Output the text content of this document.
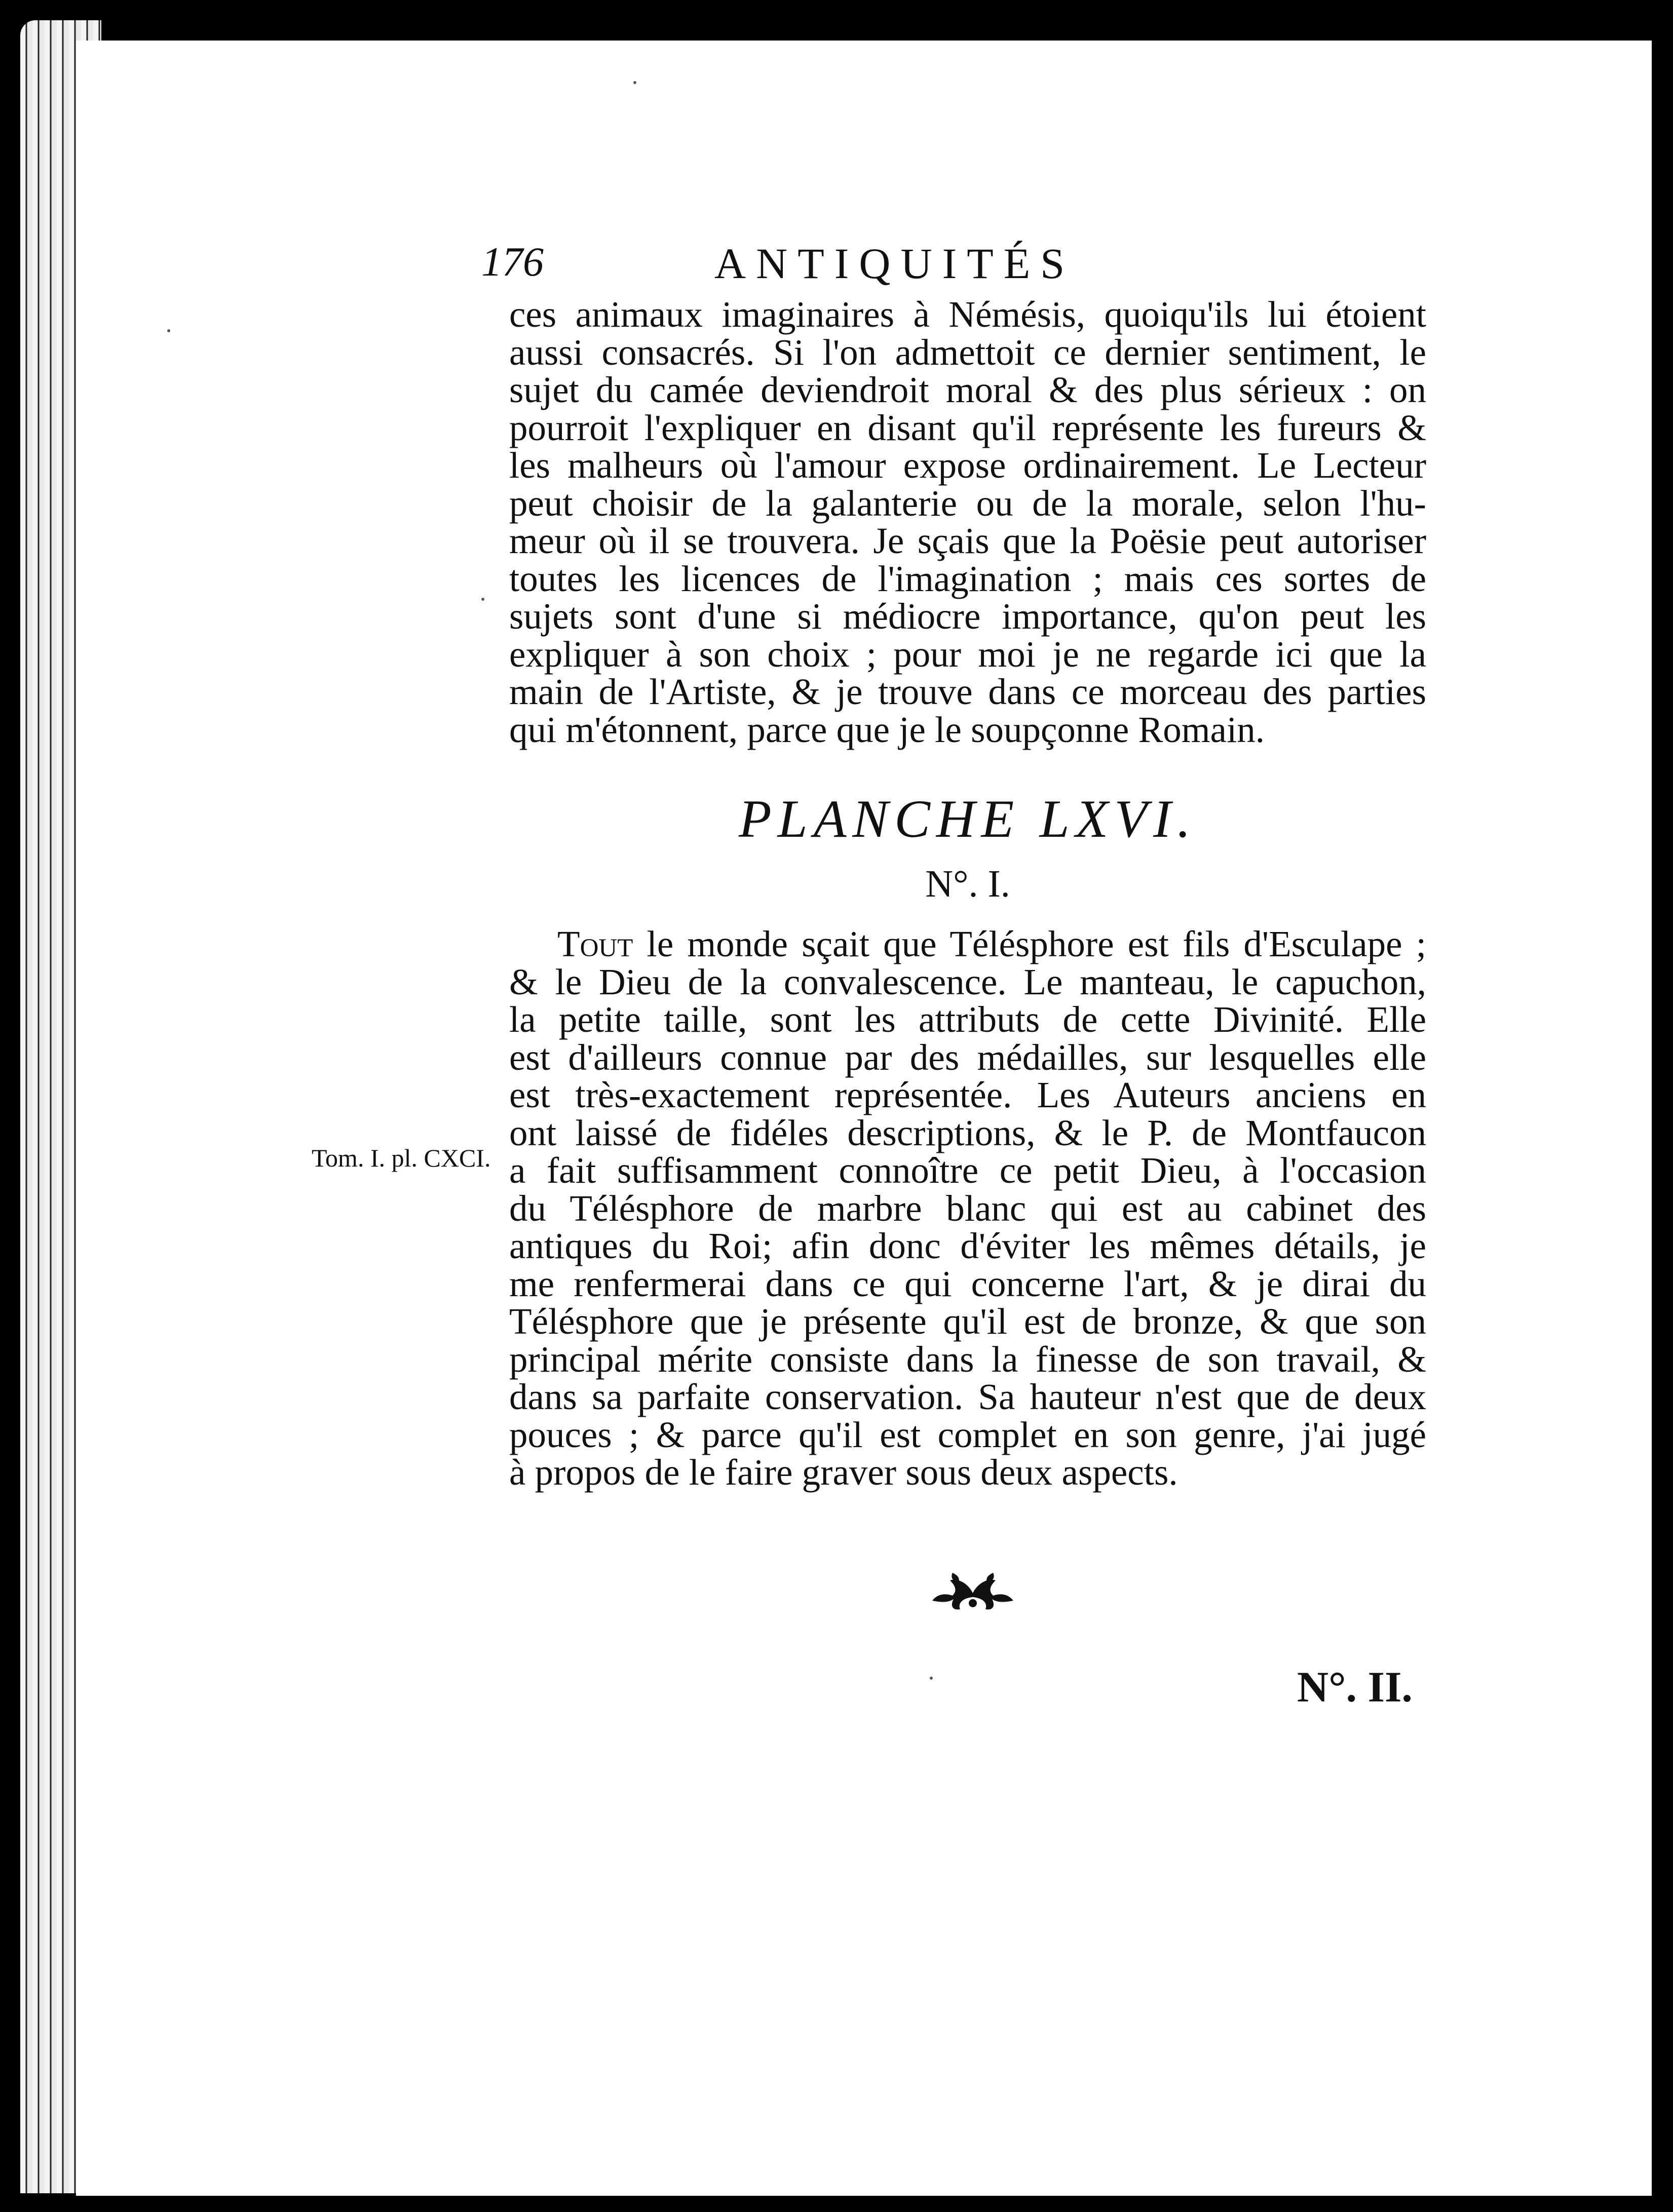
176	ANTIQUITÉS
ces animaux imaginaires à Némésis, quoiqu'ils lui étoient
aussi consacrés. Si l'on admettoit ce dernier sentiment, le
sujet du camée deviendroit moral & des plus sérieux : on
pourroit l'expliquer en disant qu'il représente les fureurs &
les malheurs où l'amour expose ordinairement. Le Lecteur
peut choisir de la galanterie ou de la morale, selon l'hu-
meur où il se trouvera. Je sçais que la Poësie peut autoriser
toutes les licences de l'imagination ; mais ces sortes de
sujets sont d'une si médiocre importance, qu'on peut les
expliquer à son choix ; pour moi je ne regarde ici que la
main de l'Artiste, & je trouve dans ce morceau des parties
qui m'étonnent, parce que je le soupçonne Romain.
PLANCHE LXVI.
N°. I.
Tout le monde sçait que Télésphore est fils d'Esculape ;
& le Dieu de la convalescence. Le manteau, le capuchon,
la petite taille, sont les attributs de cette Divinité. Elle
est d'ailleurs connue par des médailles, sur lesquelles elle
est très-exactement représentée. Les Auteurs anciens en
ont laissé de fidéles descriptions, & le P. de Montfaucon
a fait suffisamment connoître ce petit Dieu, à l'occasion
du Télésphore de marbre blanc qui est au cabinet des
antiques du Roi; afin donc d'éviter les mêmes détails, je
me renfermerai dans ce qui concerne l'art, & je dirai du
Télésphore que je présente qu'il est de bronze, & que son
principal mérite consiste dans la finesse de son travail, &
dans sa parfaite conservation. Sa hauteur n'est que de deux
pouces ; & parce qu'il est complet en son genre, j'ai jugé
à propos de le faire graver sous deux aspects.
Tom. I. pl. CXCI.
N°. II.
